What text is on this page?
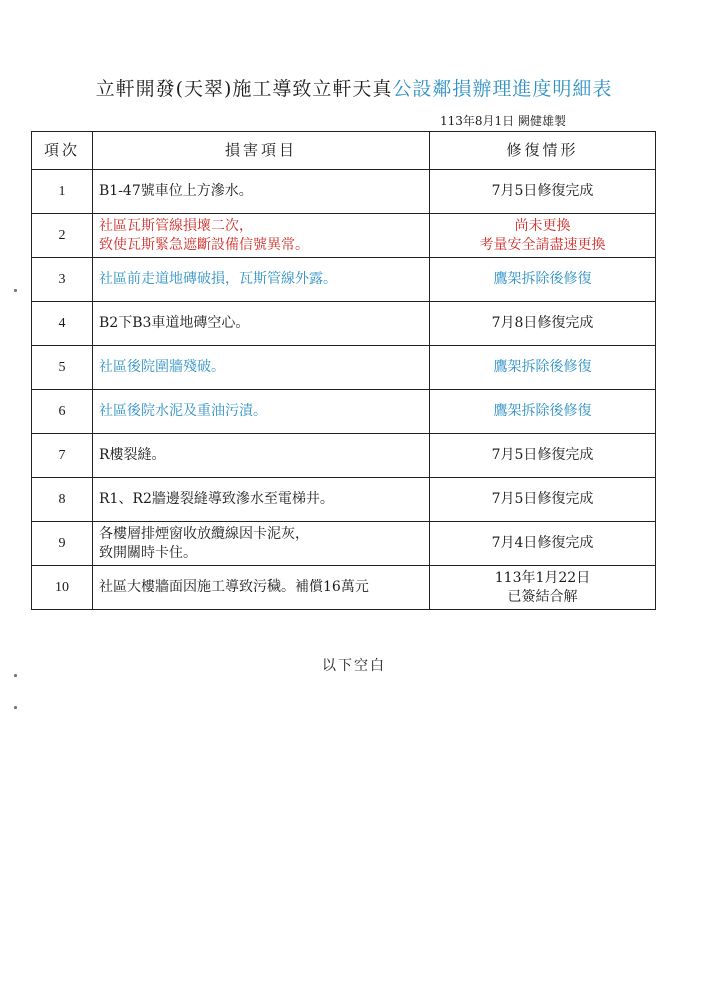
立軒開發(天翠)施工導致立軒天真公設鄰損辦理進度明細表
113年8月1日 闕健雄製
項次	損害項目	修復情形
1	B1-47號車位上方滲水。	7月5日修復完成

2	社區瓦斯管線損壞二次，
致使瓦斯緊急遮斷設備信號異常。	尚未更換
考量安全請盡速更換

3	社區前走道地磚破損，瓦斯管線外露。	鷹架拆除後修復

4	B2下B3車道地磚空心。	7月8日修復完成

5	社區後院圍牆殘破。	鷹架拆除後修復

6	社區後院水泥及重油污漬。	鷹架拆除後修復

7	R樓裂縫。	7月5日修復完成

8	R1、R2牆邊裂縫導致滲水至電梯井。	7月5日修復完成

9	各樓層排煙窗收放纜線因卡泥灰，
致開關時卡住。	7月4日修復完成

10	社區大樓牆面因施工導致污穢。補償16萬元	113年1月22日
已簽結合解
以下空白
